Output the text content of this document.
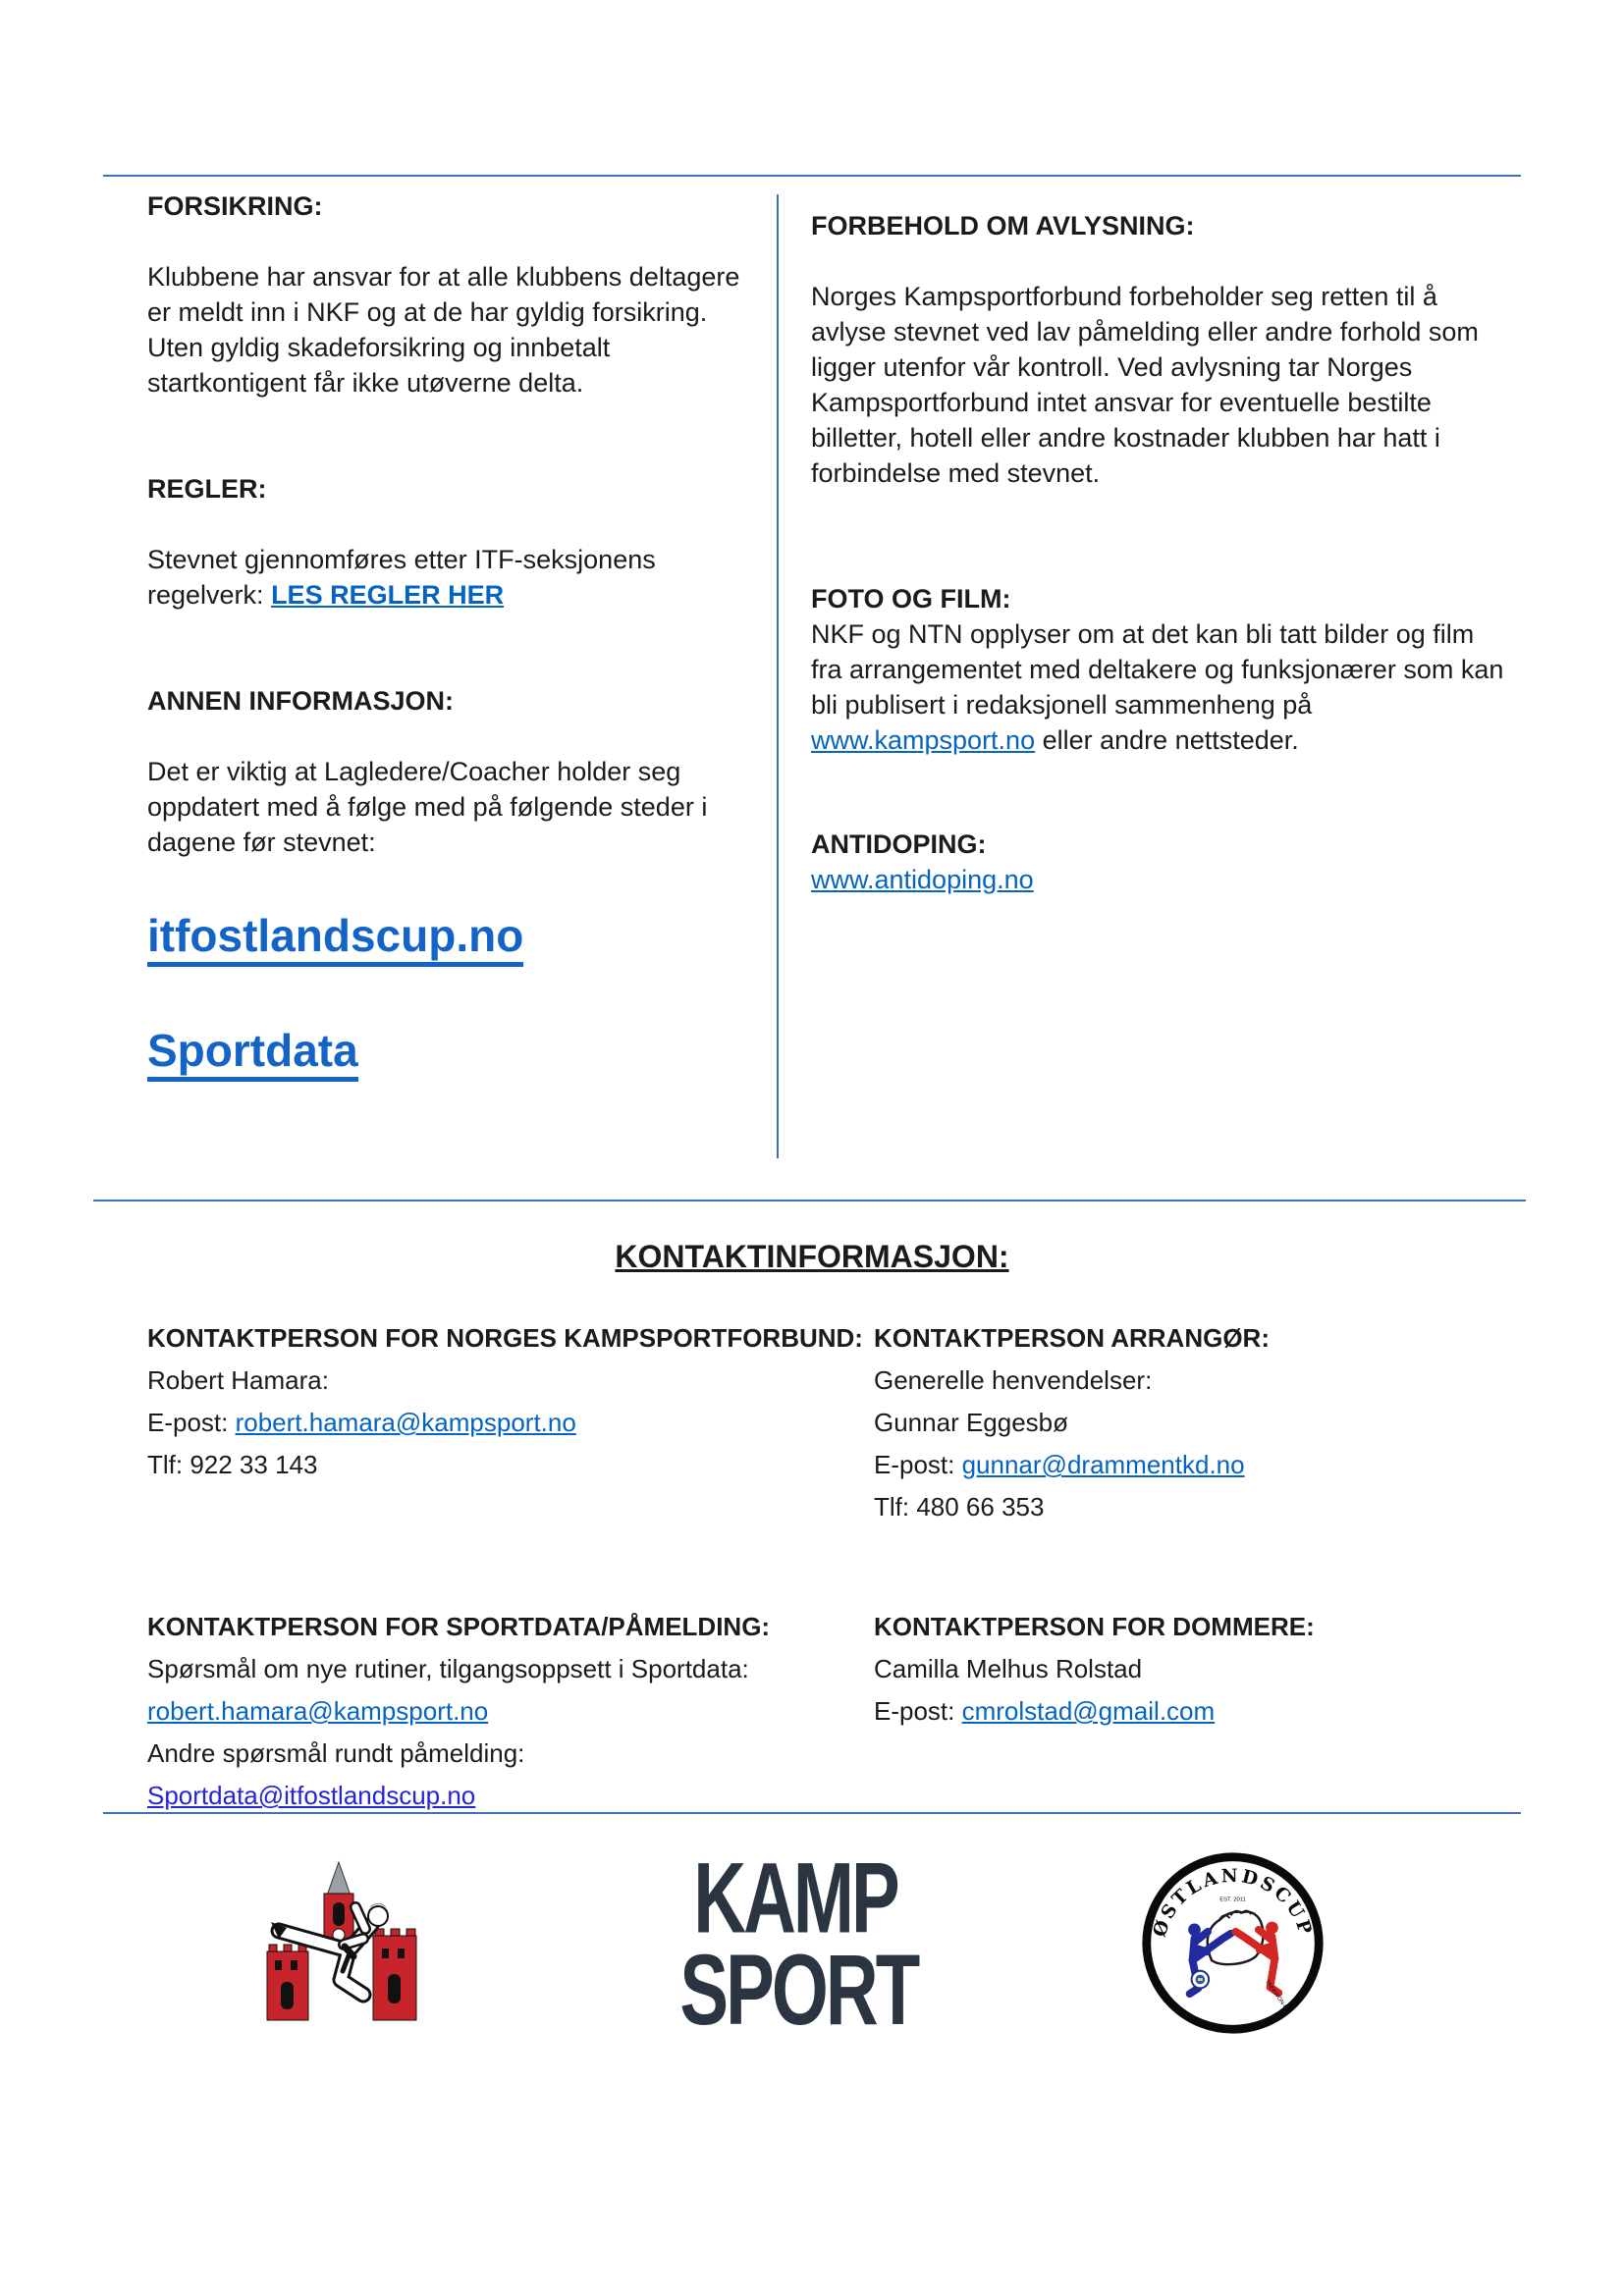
FORSIKRING:

Klubbene har ansvar for at alle klubbens deltagere er meldt inn i NKF og at de har gyldig forsikring. Uten gyldig skadeforsikring og innbetalt startkontigent får ikke utøverne delta.

REGLER:

Stevnet gjennomføres etter ITF-seksjonens regelverk: LES REGLER HER

ANNEN INFORMASJON:

Det er viktig at Lagledere/Coacher holder seg oppdatert med å følge med på følgende steder i dagene før stevnet:

itfostlandscup.no
Sportdata

FORBEHOLD OM AVLYSNING:

Norges Kampsportforbund forbeholder seg retten til å avlyse stevnet ved lav påmelding eller andre forhold som ligger utenfor vår kontroll. Ved avlysning tar Norges Kampsportforbund intet ansvar for eventuelle bestilte billetter, hotell eller andre kostnader klubben har hatt i forbindelse med stevnet.

FOTO OG FILM:

NKF og NTN opplyser om at det kan bli tatt bilder og film fra arrangementet med deltakere og funksjonærer som kan bli publisert i redaksjonell sammenheng på www.kampsport.no eller andre nettsteder.

ANTIDOPING:

www.antidoping.no

KONTAKTINFORMASJON:

KONTAKTPERSON FOR NORGES KAMPSPORTFORBUND:

Robert Hamara:

E-post: robert.hamara@kampsport.no

Tlf: 922 33 143

KONTAKTPERSON ARRANGØR:

Generelle henvendelser:

Gunnar Eggesbø

E-post: gunnar@drammentkd.no

Tlf: 480 66 353

KONTAKTPERSON FOR SPORTDATA/PÅMELDING:

Spørsmål om nye rutiner, tilgangsoppsett i Sportdata:

robert.hamara@kampsport.no

Andre spørsmål rundt påmelding:

Sportdata@itfostlandscup.no

KONTAKTPERSON FOR DOMMERE:

Camilla Melhus Rolstad

E-post: cmrolstad@gmail.com

KAMP
SPORT
ØSTLANDSCUP
EST. 2011
TAEKWON-DO
